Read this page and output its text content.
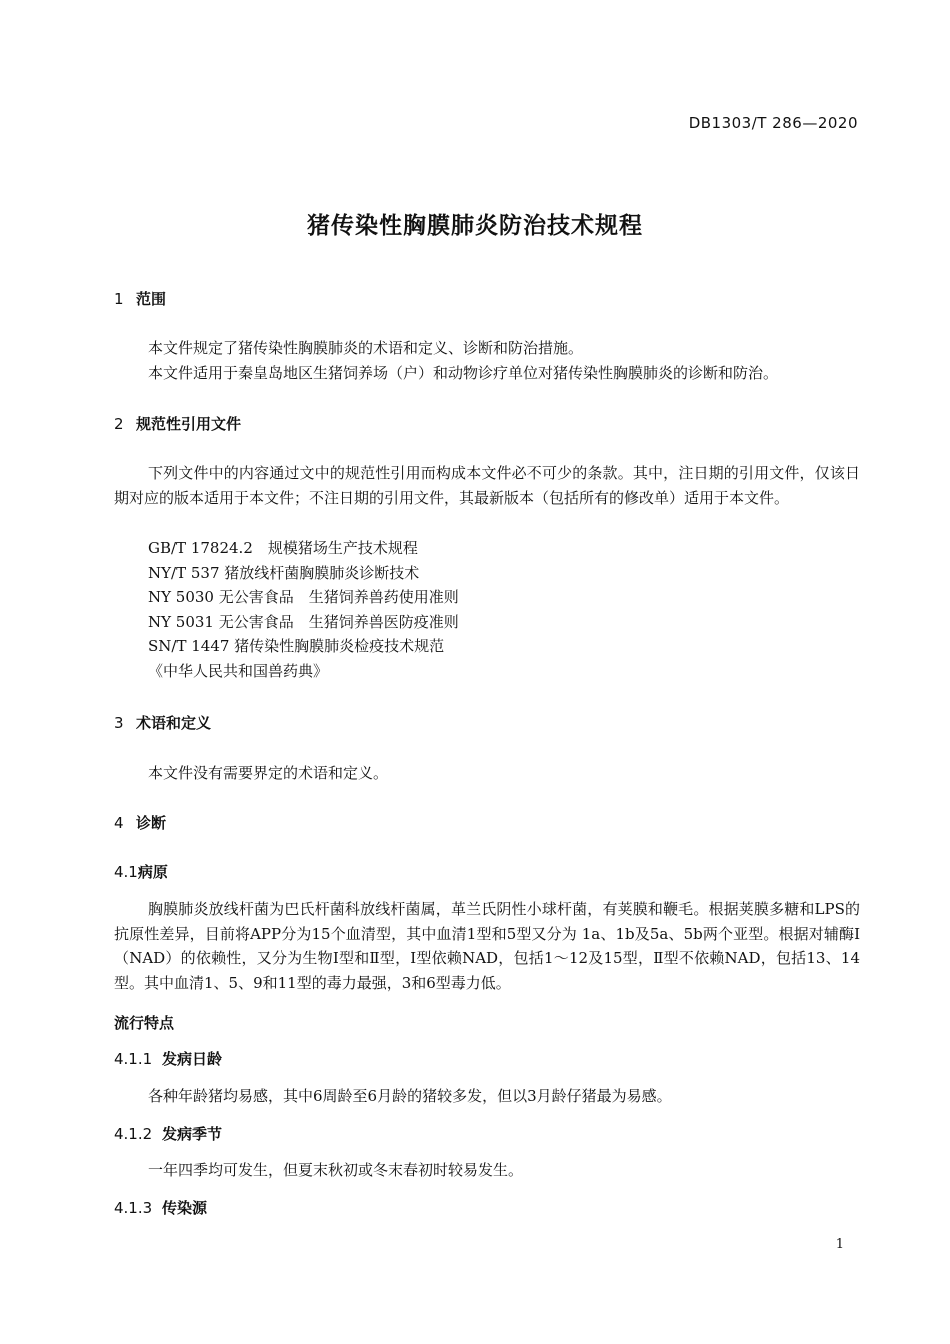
DB1303/T 286—2020
猪传染性胸膜肺炎防治技术规程
1 范围
本文件规定了猪传染性胸膜肺炎的术语和定义、诊断和防治措施。
本文件适用于秦皇岛地区生猪饲养场（户）和动物诊疗单位对猪传染性胸膜肺炎的诊断和防治。
2 规范性引用文件
下列文件中的内容通过文中的规范性引用而构成本文件必不可少的条款。其中，注日期的引用文件，仅该日期对应的版本适用于本文件；不注日期的引用文件，其最新版本（包括所有的修改单）适用于本文件。
GB/T 17824.2　规模猪场生产技术规程
NY/T 537 猪放线杆菌胸膜肺炎诊断技术
NY 5030 无公害食品　生猪饲养兽药使用准则
NY 5031 无公害食品　生猪饲养兽医防疫准则
SN/T 1447 猪传染性胸膜肺炎检疫技术规范
《中华人民共和国兽药典》
3 术语和定义
本文件没有需要界定的术语和定义。
4 诊断
4.1病原
胸膜肺炎放线杆菌为巴氏杆菌科放线杆菌属，革兰氏阴性小球杆菌，有荚膜和鞭毛。根据荚膜多糖和LPS的抗原性差异，目前将APP分为15个血清型，其中血清1型和5型又分为 1a、1b及5a、5b两个亚型。根据对辅酶Ⅰ（NAD）的依赖性，又分为生物Ⅰ型和Ⅱ型，Ⅰ型依赖NAD，包括1～12及15型，Ⅱ型不依赖NAD，包括13、14型。其中血清1、5、9和11型的毒力最强，3和6型毒力低。
流行特点
4.1.1 发病日龄
各种年龄猪均易感，其中6周龄至6月龄的猪较多发，但以3月龄仔猪最为易感。
4.1.2 发病季节
一年四季均可发生，但夏末秋初或冬末春初时较易发生。
4.1.3 传染源
1
